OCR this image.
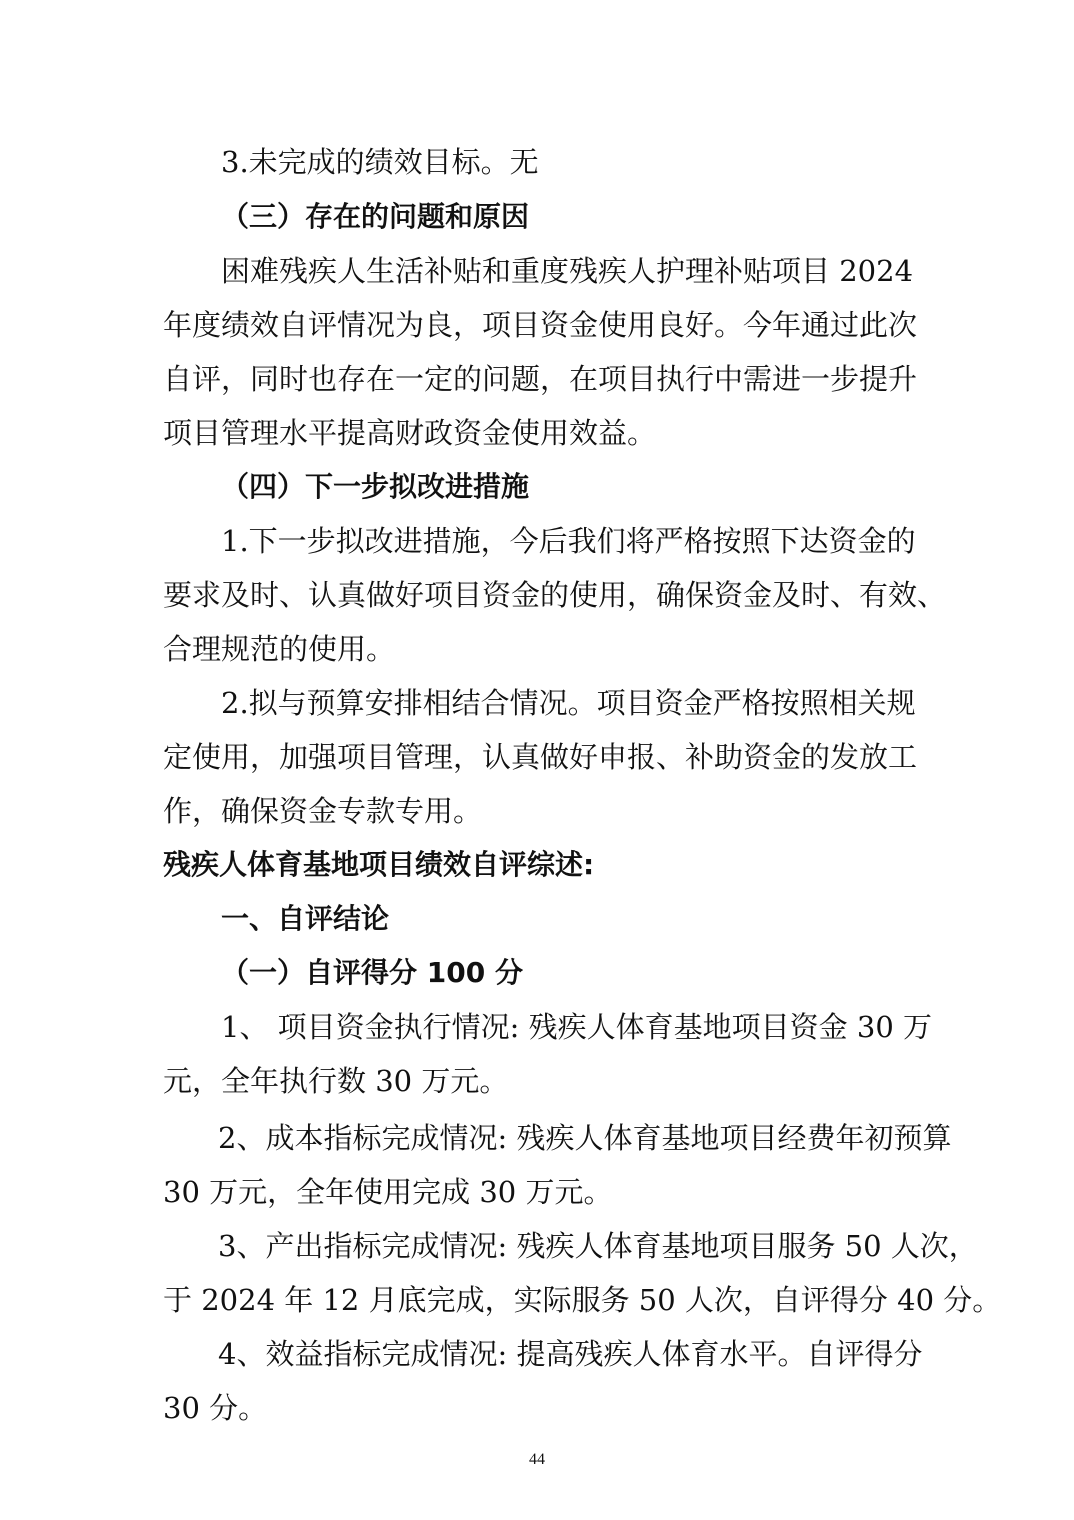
3.未完成的绩效目标。无
（三）存在的问题和原因
困难残疾人生活补贴和重度残疾人护理补贴项目 2024
年度绩效自评情况为良，项目资金使用良好。今年通过此次
自评，同时也存在一定的问题，在项目执行中需进一步提升
项目管理水平提高财政资金使用效益。
（四）下一步拟改进措施
1.下一步拟改进措施，今后我们将严格按照下达资金的
要求及时、认真做好项目资金的使用，确保资金及时、有效、
合理规范的使用。
2.拟与预算安排相结合情况。项目资金严格按照相关规
定使用，加强项目管理，认真做好申报、补助资金的发放工
作，确保资金专款专用。
残疾人体育基地项目绩效自评综述:
一、自评结论
（一）自评得分 100 分
1、 项目资金执行情况: 残疾人体育基地项目资金 30 万
元，全年执行数 30 万元。
2、成本指标完成情况: 残疾人体育基地项目经费年初预算
30 万元，全年使用完成 30 万元。
3、产出指标完成情况: 残疾人体育基地项目服务 50 人次，
于 2024 年 12 月底完成，实际服务 50 人次，自评得分 40 分。
4、效益指标完成情况: 提高残疾人体育水平。自评得分
30 分。
44
